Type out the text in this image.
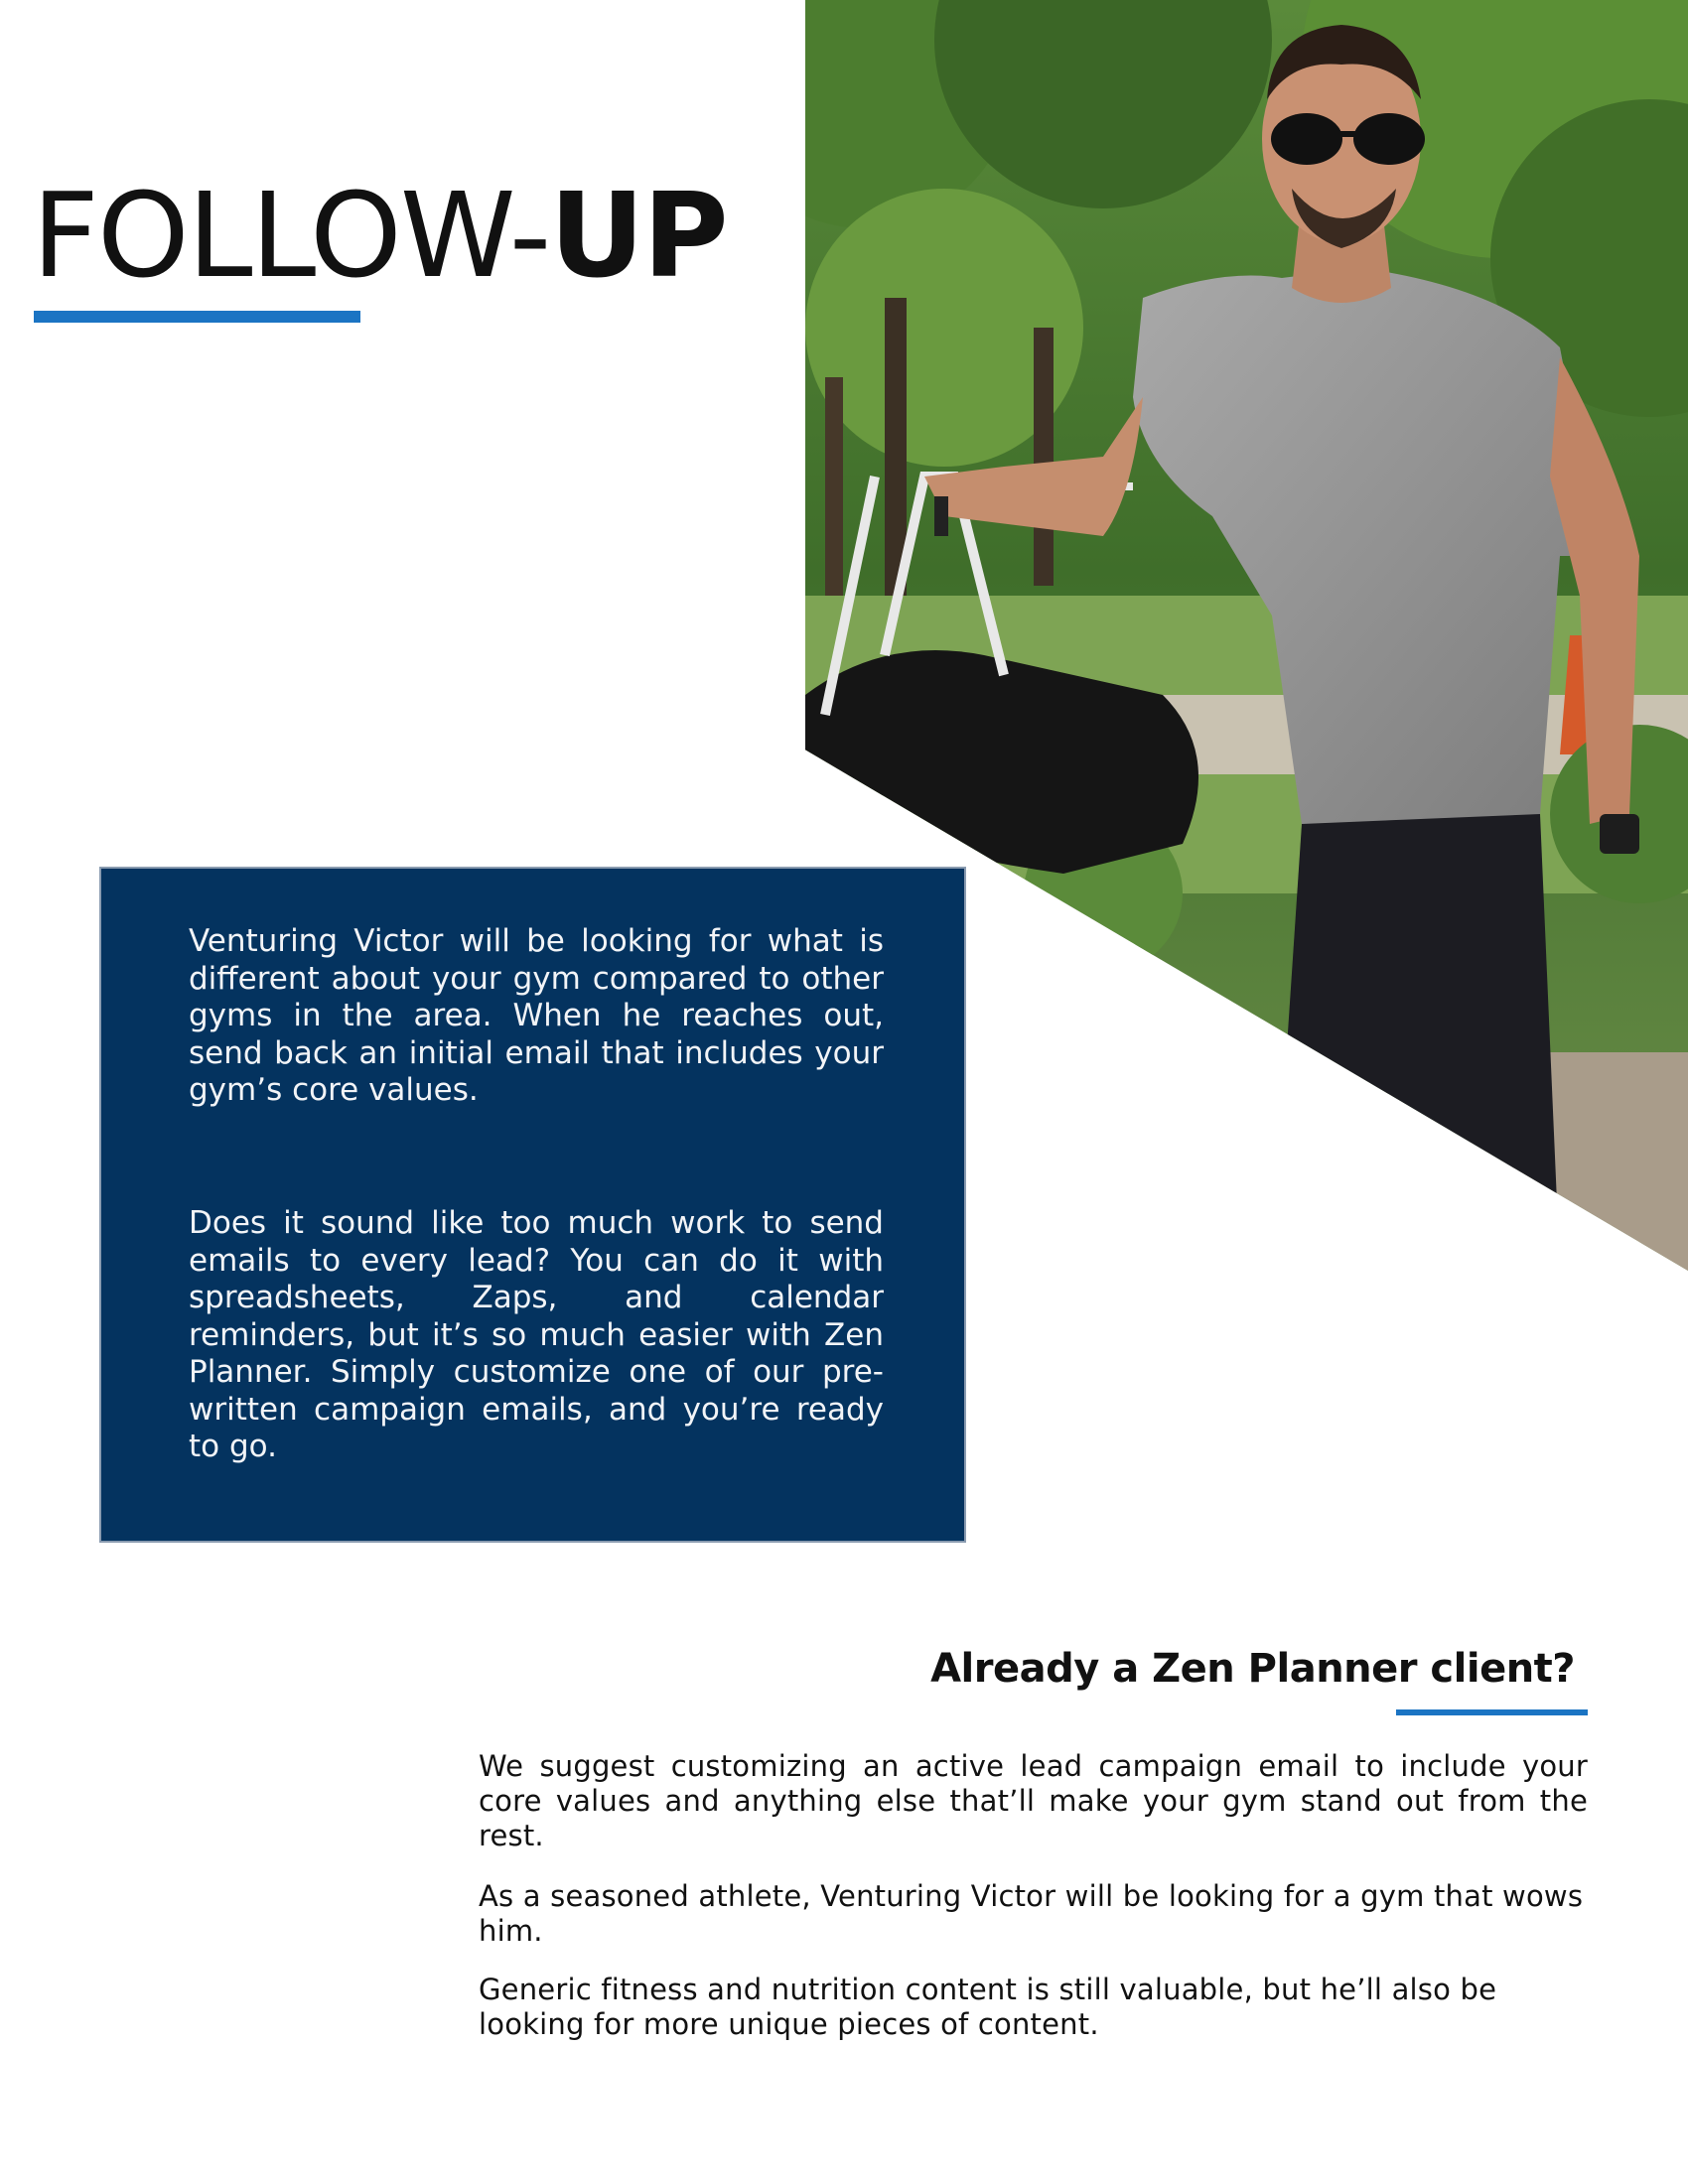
FOLLOW-UP

Venturing Victor will be looking for what is different about your gym compared to other gyms in the area. When he reaches out, send back an initial email that includes your gym’s core values.

Does it sound like too much work to send emails to every lead? You can do it with spreadsheets, Zaps, and calendar reminders, but it’s so much easier with Zen Planner. Simply customize one of our pre-written campaign emails, and you’re ready to go.

Already a Zen Planner client?

We suggest customizing an active lead campaign email to include your core values and anything else that’ll make your gym stand out from the rest.

As a seasoned athlete, Venturing Victor will be looking for a gym that wows him.

Generic fitness and nutrition content is still valuable, but he’ll also be looking for more unique pieces of content.
